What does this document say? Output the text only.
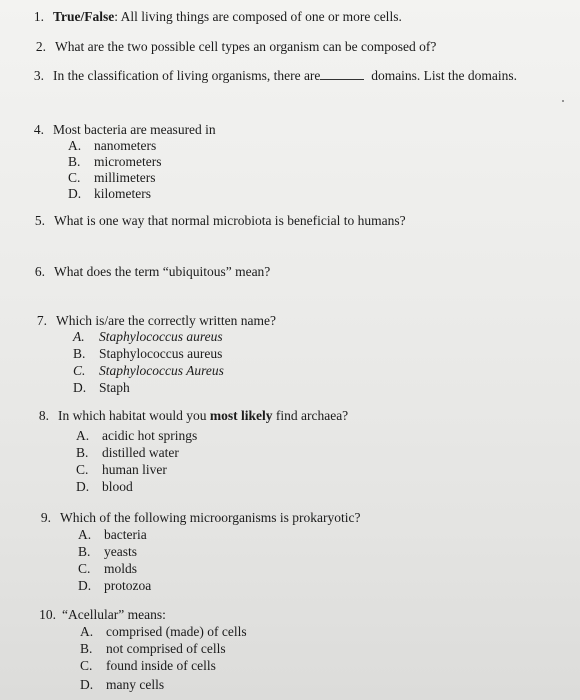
1. True/False: All living things are composed of one or more cells.
2. What are the two possible cell types an organism can be composed of?
3. In the classification of living organisms, there are	domains. List the domains.
4. Most bacteria are measured in
A. nanometers
B. micrometers
C. millimeters
D. kilometers
5. What is one way that normal microbiota is beneficial to humans?
6. What does the term “ubiquitous” mean?
7. Which is/are the correctly written name?
A. Staphylococcus aureus
B. Staphylococcus aureus
C. Staphylococcus Aureus
D. Staph
8. In which habitat would you most likely find archaea?
A. acidic hot springs
B. distilled water
C. human liver
D. blood
9. Which of the following microorganisms is prokaryotic?
A. bacteria
B. yeasts
C. molds
D. protozoa
10. “Acellular” means:
A. comprised (made) of cells
B. not comprised of cells
C. found inside of cells
D. many cells
